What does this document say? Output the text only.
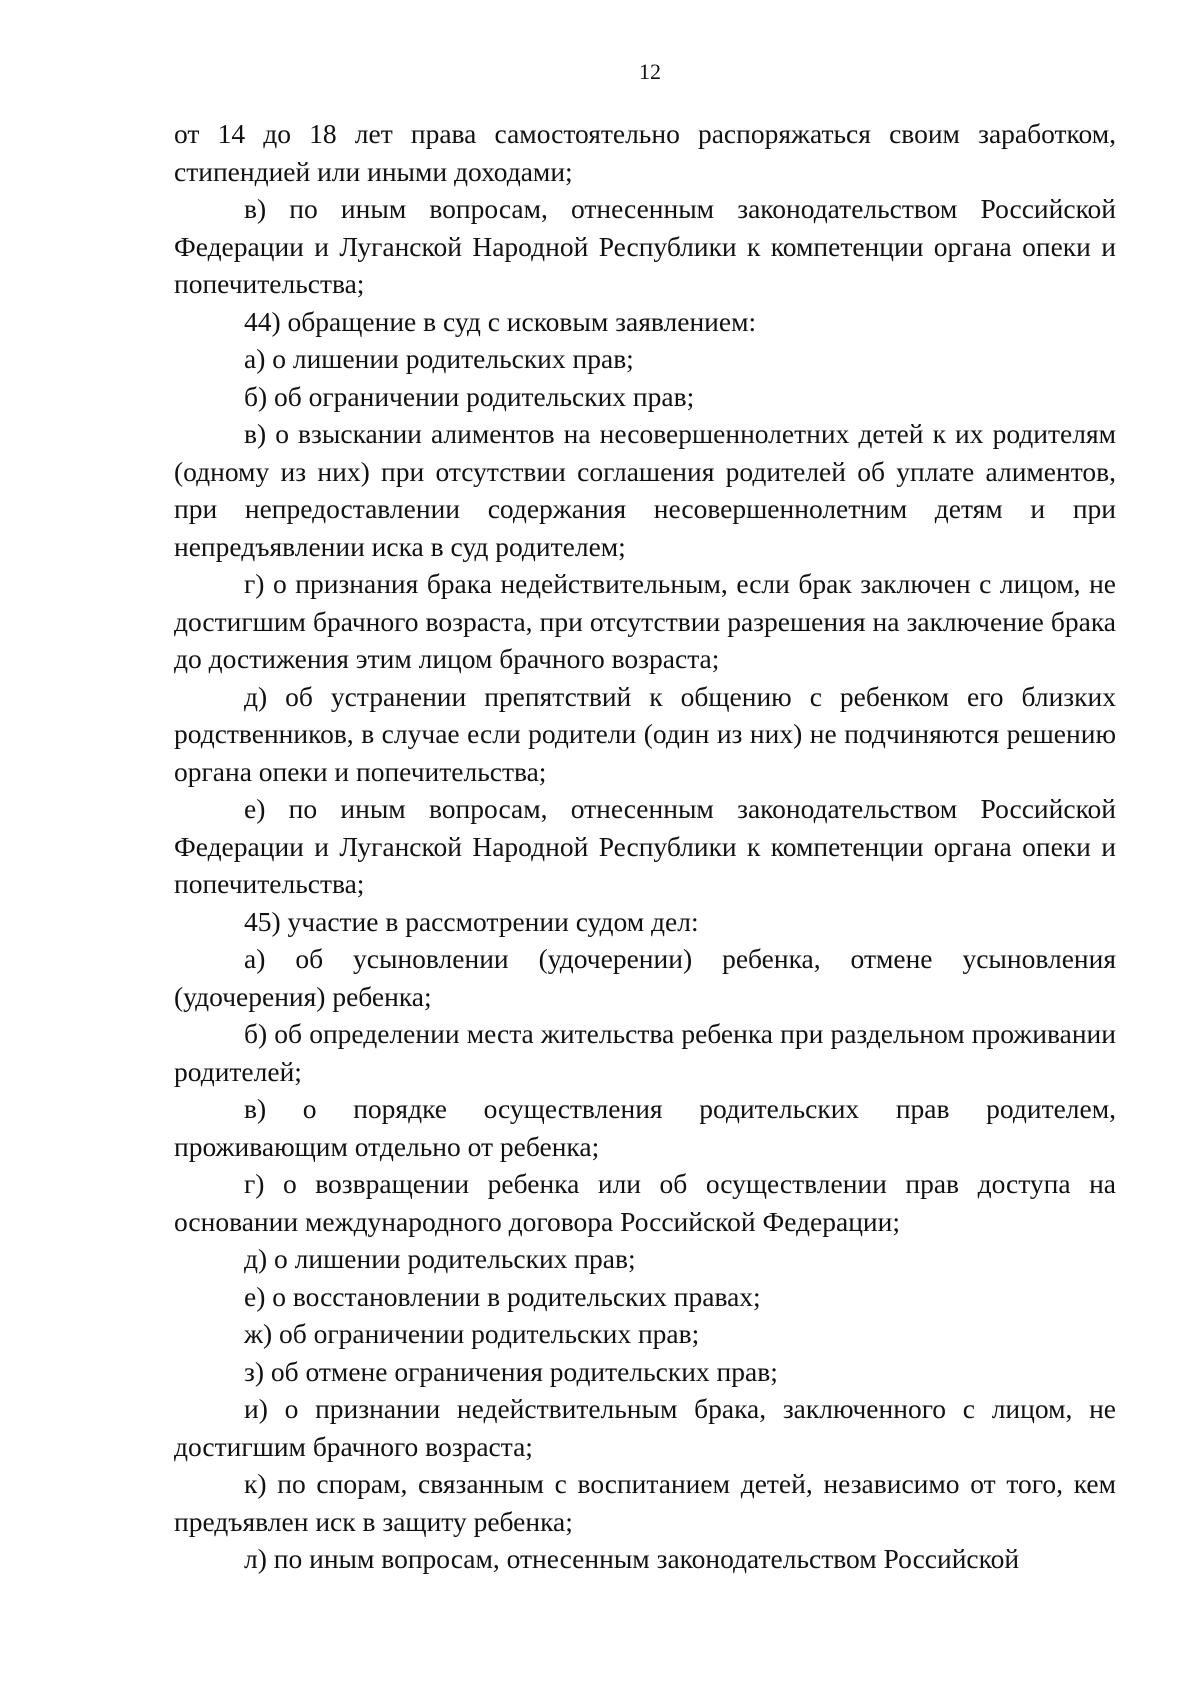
12

от 14 до 18 лет права самостоятельно распоряжаться своим заработком, стипендией или иными доходами;

в) по иным вопросам, отнесенным законодательством Российской Федерации и Луганской Народной Республики к компетенции органа опеки и попечительства;

44) обращение в суд с исковым заявлением:

а) о лишении родительских прав;

б) об ограничении родительских прав;

в) о взыскании алиментов на несовершеннолетних детей к их родителям (одному из них) при отсутствии соглашения родителей об уплате алиментов, при непредоставлении содержания несовершеннолетним детям и при непредъявлении иска в суд родителем;

г) о признания брака недействительным, если брак заключен с лицом, не достигшим брачного возраста, при отсутствии разрешения на заключение брака до достижения этим лицом брачного возраста;

д) об устранении препятствий к общению с ребенком его близких родственников, в случае если родители (один из них) не подчиняются решению органа опеки и попечительства;

е) по иным вопросам, отнесенным законодательством Российской Федерации и Луганской Народной Республики к компетенции органа опеки и попечительства;

45) участие в рассмотрении судом дел:

а) об усыновлении (удочерении) ребенка, отмене усыновления (удочерения) ребенка;

б) об определении места жительства ребенка при раздельном проживании родителей;

в) о порядке осуществления родительских прав родителем, проживающим отдельно от ребенка;

г) о возвращении ребенка или об осуществлении прав доступа на основании международного договора Российской Федерации;

д) о лишении родительских прав;

е) о восстановлении в родительских правах;

ж) об ограничении родительских прав;

з) об отмене ограничения родительских прав;

и) о признании недействительным брака, заключенного с лицом, не достигшим брачного возраста;

к) по спорам, связанным с воспитанием детей, независимо от того, кем предъявлен иск в защиту ребенка;

л) по иным вопросам, отнесенным законодательством Российской
